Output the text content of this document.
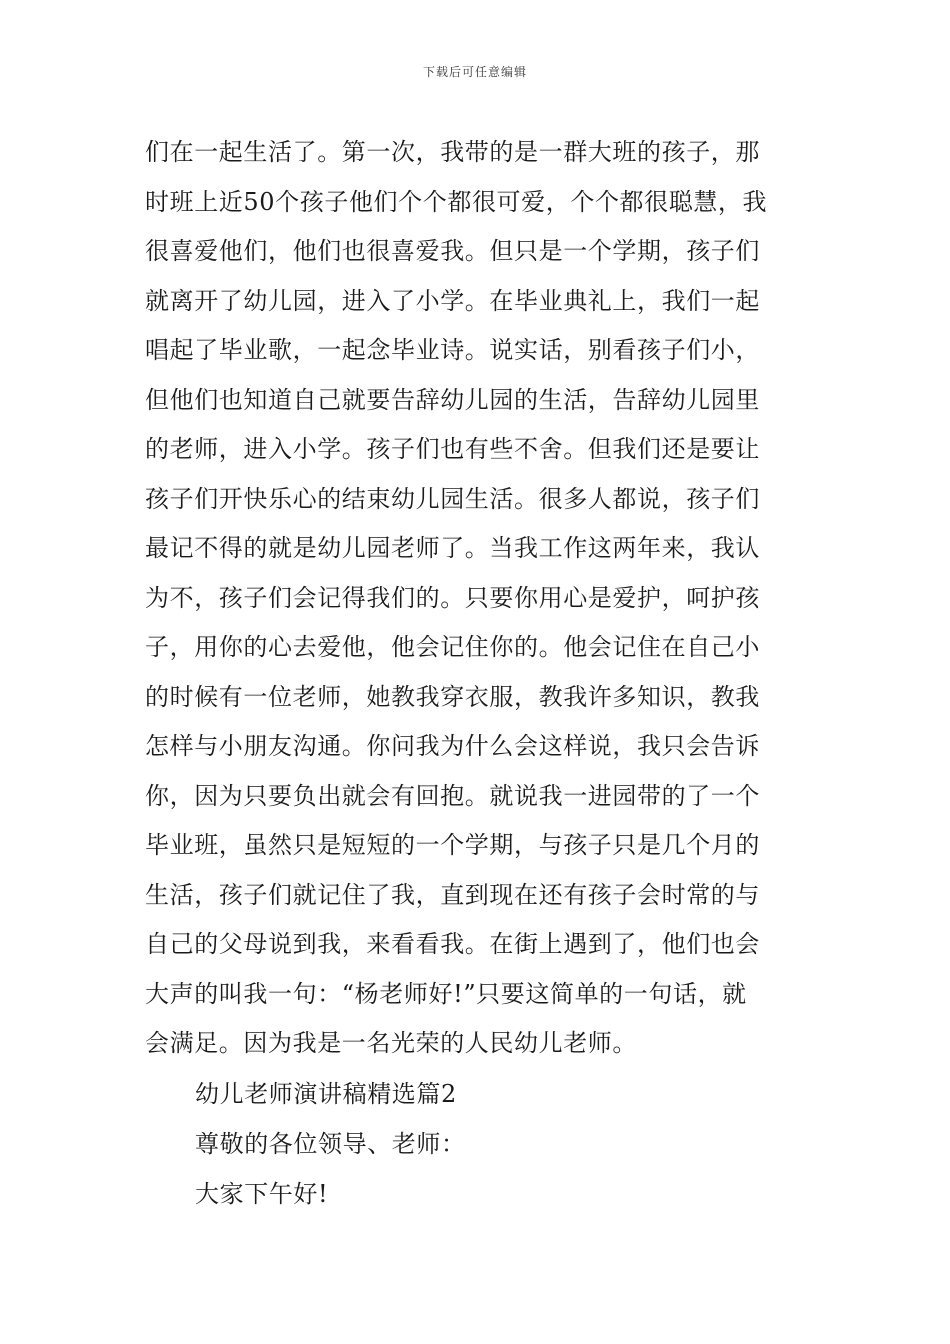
下载后可任意编辑
们在一起生活了。第一次，我带的是一群大班的孩子，那
时班上近50个孩子他们个个都很可爱，个个都很聪慧，我
很喜爱他们，他们也很喜爱我。但只是一个学期，孩子们
就离开了幼儿园，进入了小学。在毕业典礼上，我们一起
唱起了毕业歌，一起念毕业诗。说实话，别看孩子们小，
但他们也知道自己就要告辞幼儿园的生活，告辞幼儿园里
的老师，进入小学。孩子们也有些不舍。但我们还是要让
孩子们开快乐心的结束幼儿园生活。很多人都说，孩子们
最记不得的就是幼儿园老师了。当我工作这两年来，我认
为不，孩子们会记得我们的。只要你用心是爱护，呵护孩
子，用你的心去爱他，他会记住你的。他会记住在自己小
的时候有一位老师，她教我穿衣服，教我许多知识，教我
怎样与小朋友沟通。你问我为什么会这样说，我只会告诉
你，因为只要负出就会有回抱。就说我一进园带的了一个
毕业班，虽然只是短短的一个学期，与孩子只是几个月的
生活，孩子们就记住了我，直到现在还有孩子会时常的与
自己的父母说到我，来看看我。在街上遇到了，他们也会
大声的叫我一句：“杨老师好!”只要这简单的一句话，就
会满足。因为我是一名光荣的人民幼儿老师。
幼儿老师演讲稿精选篇2
尊敬的各位领导、老师：
大家下午好!
